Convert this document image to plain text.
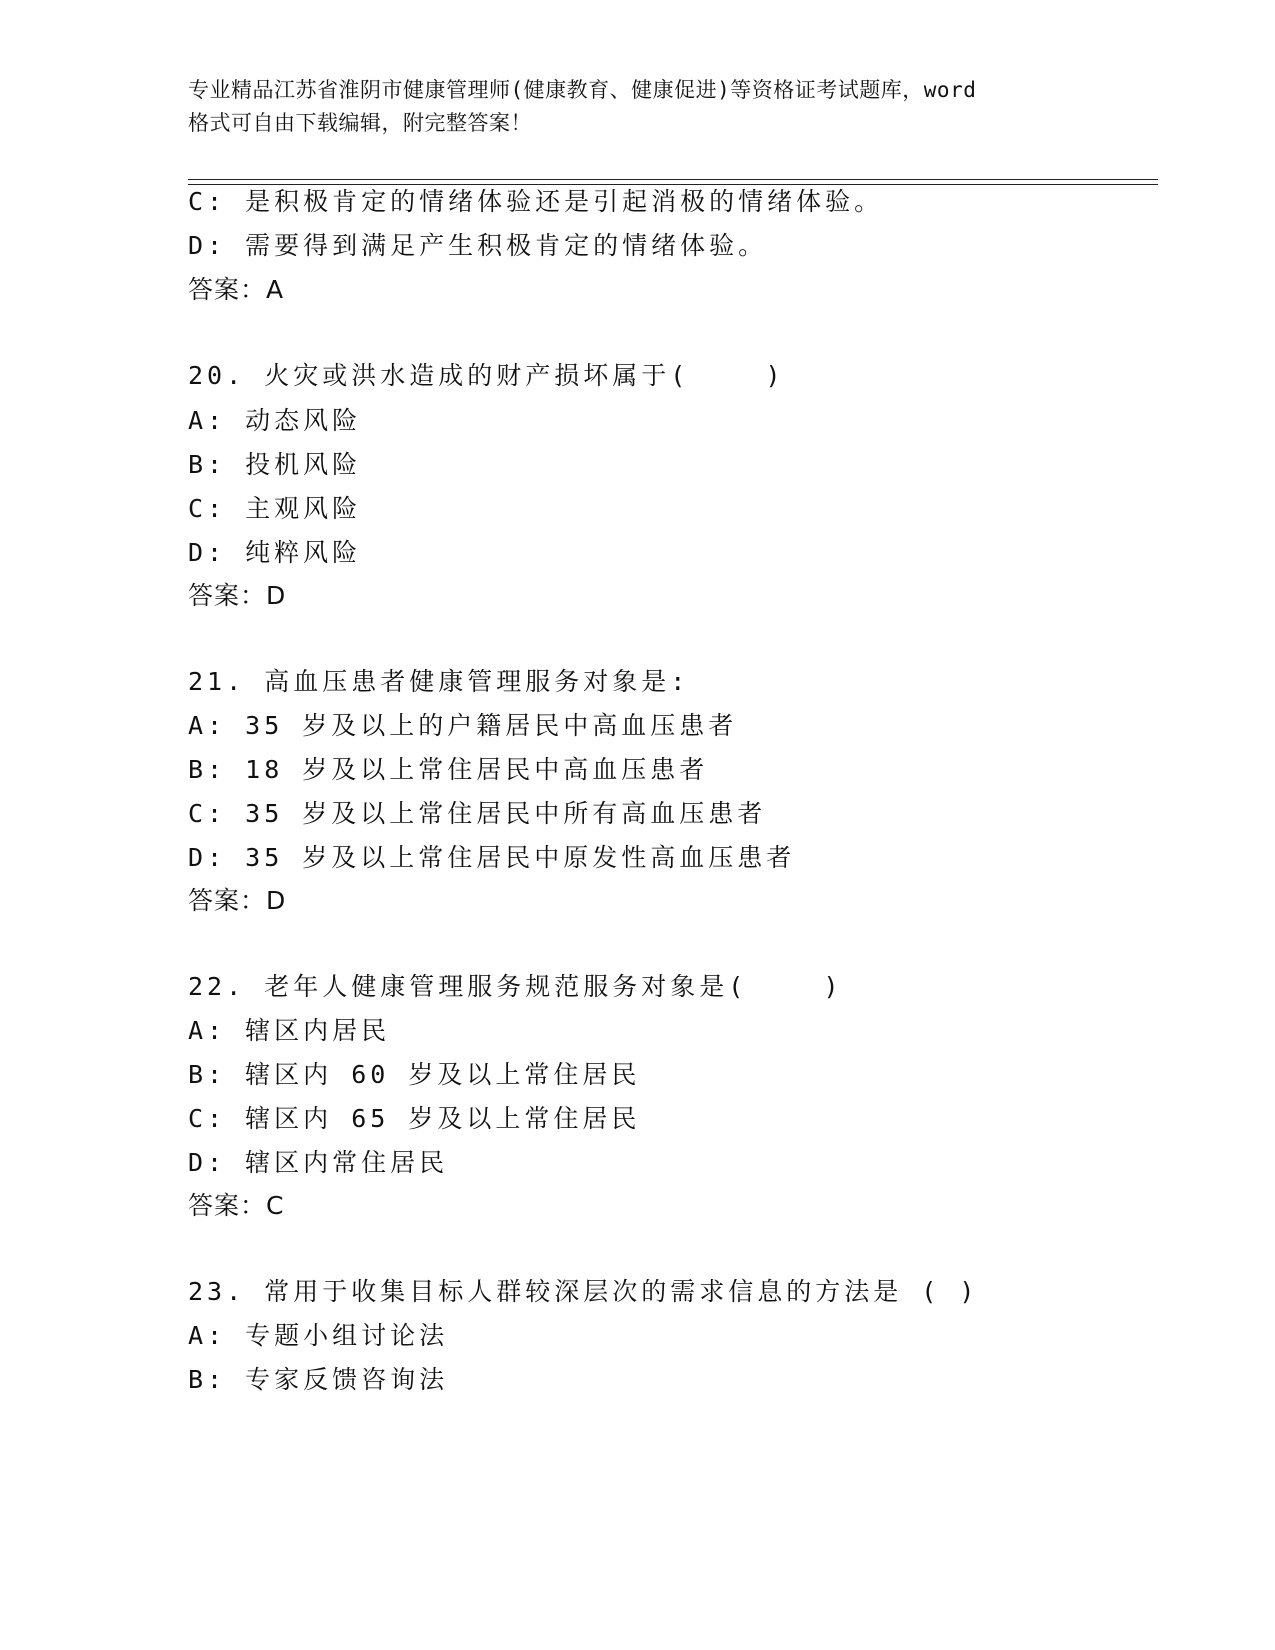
专业精品江苏省淮阴市健康管理师(健康教育、健康促进)等资格证考试题库，word
格式可自由下载编辑，附完整答案！
C: 是积极肯定的情绪体验还是引起消极的情绪体验。
D: 需要得到满足产生积极肯定的情绪体验。
答案：A
20. 火灾或洪水造成的财产损坏属于(    )
A: 动态风险
B: 投机风险
C: 主观风险
D: 纯粹风险
答案：D
21. 高血压患者健康管理服务对象是:
A: 35 岁及以上的户籍居民中高血压患者
B: 18 岁及以上常住居民中高血压患者
C: 35 岁及以上常住居民中所有高血压患者
D: 35 岁及以上常住居民中原发性高血压患者
答案：D
22. 老年人健康管理服务规范服务对象是(    )
A: 辖区内居民
B: 辖区内 60 岁及以上常住居民
C: 辖区内 65 岁及以上常住居民
D: 辖区内常住居民
答案：C
23. 常用于收集目标人群较深层次的需求信息的方法是 ( )
A: 专题小组讨论法
B: 专家反馈咨询法
